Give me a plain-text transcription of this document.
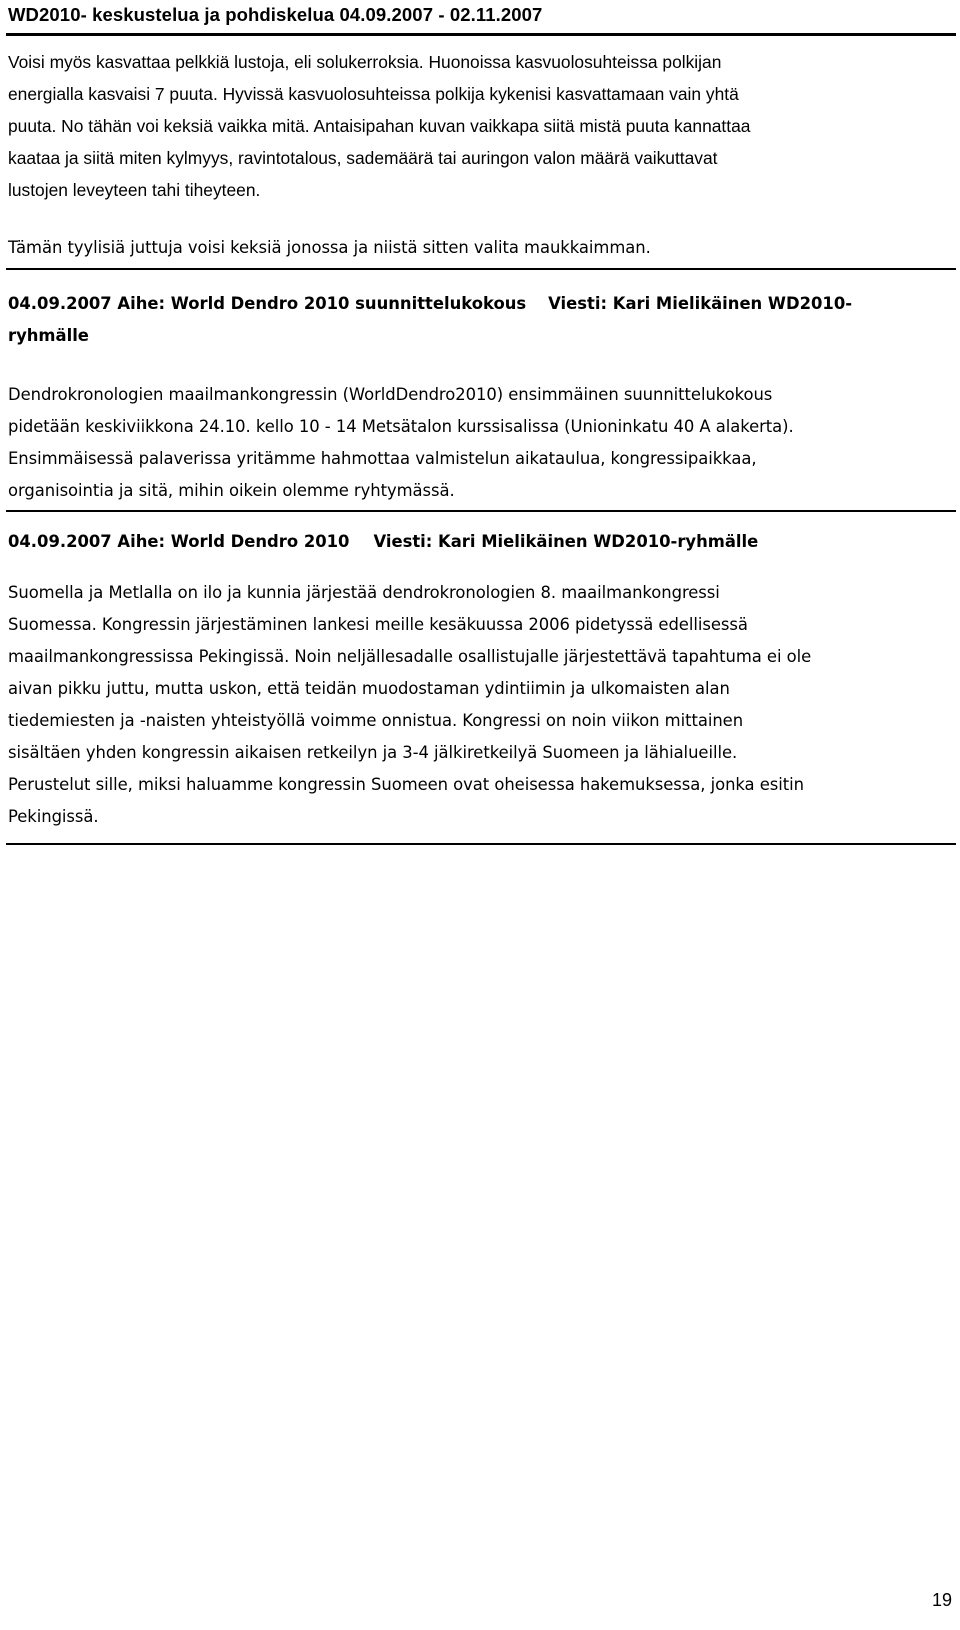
WD2010- keskustelua ja pohdiskelua 04.09.2007 - 02.11.2007

Voisi myös kasvattaa pelkkiä lustoja, eli solukerroksia. Huonoissa kasvuolosuhteissa polkijan

energialla kasvaisi 7 puuta. Hyvissä kasvuolosuhteissa polkija kykenisi kasvattamaan vain yhtä

puuta. No tähän voi keksiä vaikka mitä. Antaisipahan kuvan vaikkapa siitä mistä puuta kannattaa

kaataa ja siitä miten kylmyys, ravintotalous, sademäärä tai auringon valon määrä vaikuttavat

lustojen leveyteen tahi tiheyteen.

Tämän tyylisiä juttuja voisi keksiä jonossa ja niistä sitten valita maukkaimman.

04.09.2007 Aihe: World Dendro 2010 suunnittelukokous Viesti: Kari Mielikäinen WD2010-

ryhmälle

Dendrokronologien maailmankongressin (WorldDendro2010) ensimmäinen suunnittelukokous

pidetään keskiviikkona 24.10. kello 10 - 14 Metsätalon kurssisalissa (Unioninkatu 40 A alakerta).

Ensimmäisessä palaverissa yritämme hahmottaa valmistelun aikataulua, kongressipaikkaa,

organisointia ja sitä, mihin oikein olemme ryhtymässä.

04.09.2007 Aihe: World Dendro 2010 Viesti: Kari Mielikäinen WD2010-ryhmälle

Suomella ja Metlalla on ilo ja kunnia järjestää dendrokronologien 8. maailmankongressi

Suomessa. Kongressin järjestäminen lankesi meille kesäkuussa 2006 pidetyssä edellisessä

maailmankongressissa Pekingissä. Noin neljällesadalle osallistujalle järjestettävä tapahtuma ei ole

aivan pikku juttu, mutta uskon, että teidän muodostaman ydintiimin ja ulkomaisten alan

tiedemiesten ja -naisten yhteistyöllä voimme onnistua. Kongressi on noin viikon mittainen

sisältäen yhden kongressin aikaisen retkeilyn ja 3-4 jälkiretkeilyä Suomeen ja lähialueille.

Perustelut sille, miksi haluamme kongressin Suomeen ovat oheisessa hakemuksessa, jonka esitin

Pekingissä.

19
